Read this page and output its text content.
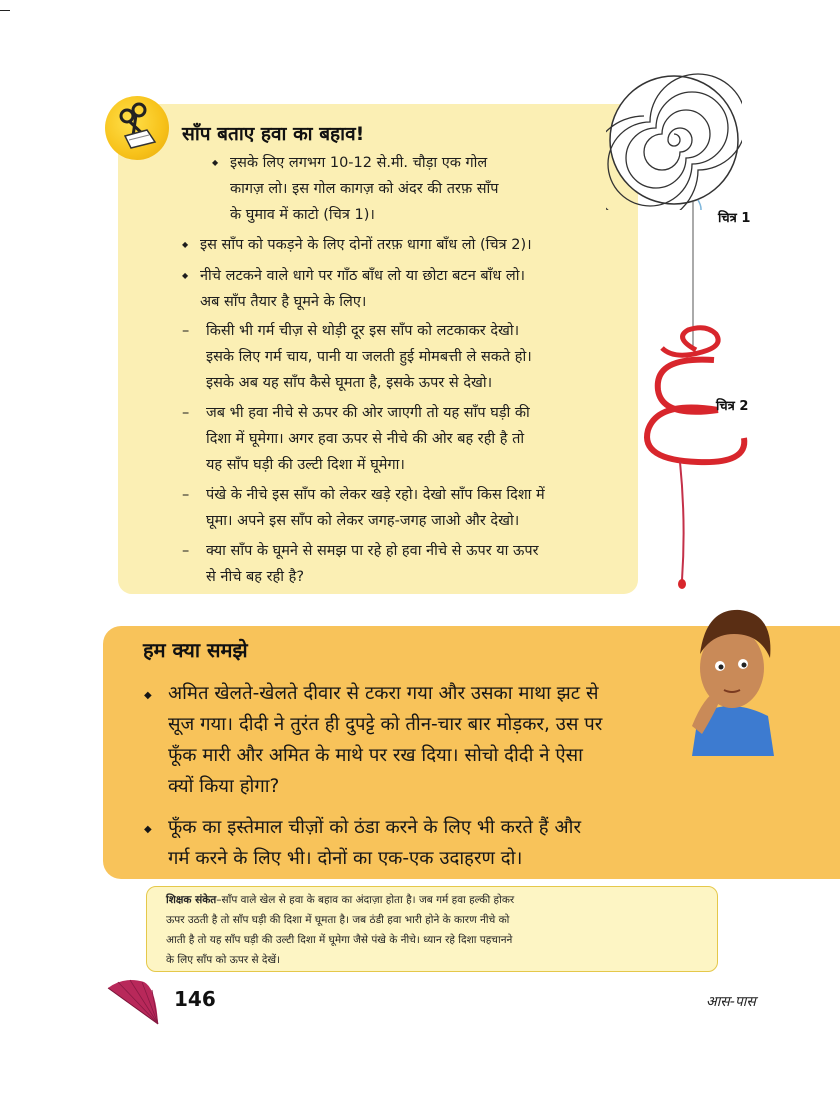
साँप बताए हवा का बहाव!
◆ इसके लिए लगभग 10-12 से.मी. चौड़ा एक गोल
कागज़ लो। इस गोल कागज़ को अंदर की तरफ़ साँप
के घुमाव में काटो (चित्र 1)।
◆ इस साँप को पकड़ने के लिए दोनों तरफ़ धागा बाँध लो (चित्र 2)।
◆ नीचे लटकने वाले धागे पर गाँठ बाँध लो या छोटा बटन बाँध लो।
अब साँप तैयार है घूमने के लिए।
– किसी भी गर्म चीज़ से थोड़ी दूर इस साँप को लटकाकर देखो।
इसके लिए गर्म चाय, पानी या जलती हुई मोमबत्ती ले सकते हो।
इसके अब यह साँप कैसे घूमता है, इसके ऊपर से देखो।
– जब भी हवा नीचे से ऊपर की ओर जाएगी तो यह साँप घड़ी की
दिशा में घूमेगा। अगर हवा ऊपर से नीचे की ओर बह रही है तो
यह साँप घड़ी की उल्टी दिशा में घूमेगा।
– पंखे के नीचे इस साँप को लेकर खड़े रहो। देखो साँप किस दिशा में
घूमा। अपने इस साँप को लेकर जगह-जगह जाओ और देखो।
– क्या साँप के घूमने से समझ पा रहे हो हवा नीचे से ऊपर या ऊपर
से नीचे बह रही है?
चित्र 1
चित्र 2
हम क्या समझे
◆ अमित खेलते-खेलते दीवार से टकरा गया और उसका माथा झट से
सूज गया। दीदी ने तुरंत ही दुपट्टे को तीन-चार बार मोड़कर, उस पर
फूँक मारी और अमित के माथे पर रख दिया। सोचो दीदी ने ऐसा
क्यों किया होगा?
◆ फूँक का इस्तेमाल चीज़ों को ठंडा करने के लिए भी करते हैं और
गर्म करने के लिए भी। दोनों का एक-एक उदाहरण दो।
शिक्षक संकेत–साँप वाले खेल से हवा के बहाव का अंदाज़ा होता है। जब गर्म हवा हल्की होकर
ऊपर उठती है तो साँप घड़ी की दिशा में घूमता है। जब ठंडी हवा भारी होने के कारण नीचे को
आती है तो यह साँप घड़ी की उल्टी दिशा में घूमेगा जैसे पंखे के नीचे। ध्यान रहे दिशा पहचानने
के लिए साँप को ऊपर से देखें।
146	आस-पास
